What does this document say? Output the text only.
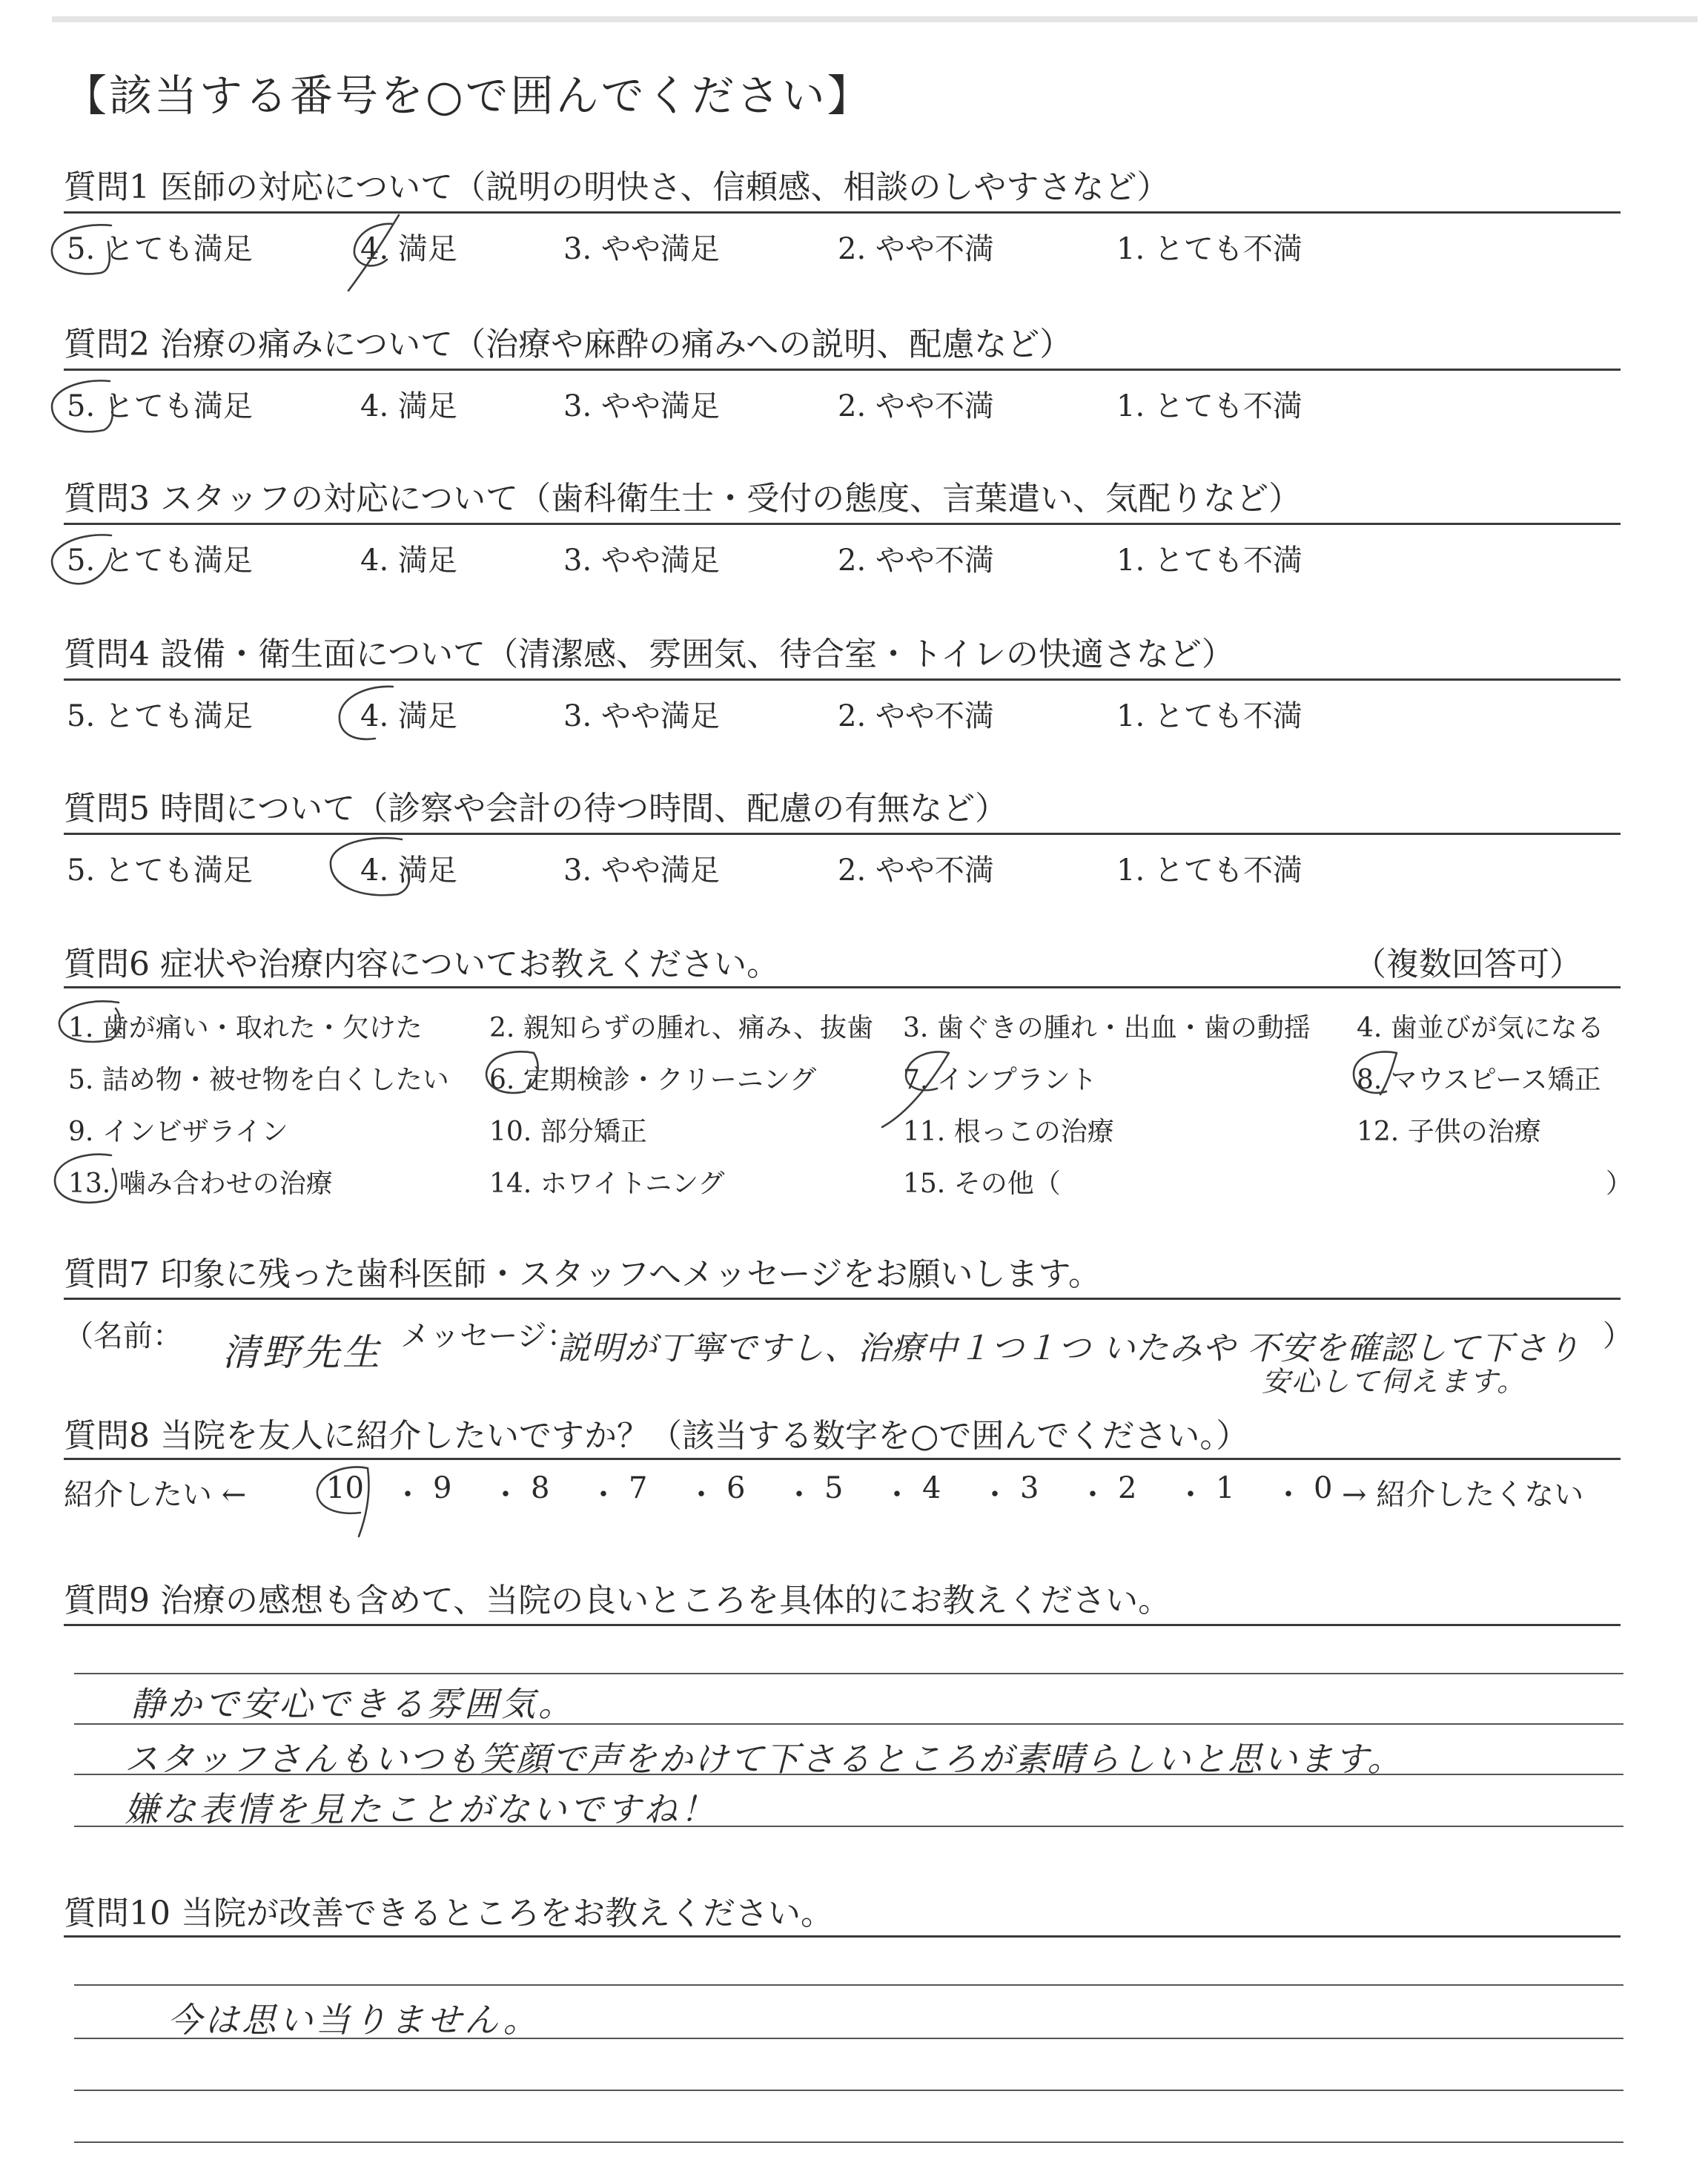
【該当する番号を○で囲んでください】
質問1 医師の対応について（説明の明快さ、信頼感、相談のしやすさなど）
5. とても満足	4. 満足	3. やや満足	2. やや不満	1. とても不満
質問2 治療の痛みについて（治療や麻酔の痛みへの説明、配慮など）
5. とても満足	4. 満足	3. やや満足	2. やや不満	1. とても不満
質問3 スタッフの対応について（歯科衛生士・受付の態度、言葉遣い、気配りなど）
5. とても満足	4. 満足	3. やや満足	2. やや不満	1. とても不満
質問4 設備・衛生面について（清潔感、雰囲気、待合室・トイレの快適さなど）
5. とても満足	4. 満足	3. やや満足	2. やや不満	1. とても不満
質問5 時間について（診察や会計の待つ時間、配慮の有無など）
5. とても満足	4. 満足	3. やや満足	2. やや不満	1. とても不満
質問6 症状や治療内容についてお教えください。	（複数回答可）
1. 歯が痛い・取れた・欠けた	2. 親知らずの腫れ、痛み、抜歯 3. 歯ぐきの腫れ・出血・歯の動揺 4. 歯並びが気になる
5. 詰め物・被せ物を白くしたい 6. 定期検診・クリーニング	7. インプラント	8. マウスピース矯正
9. インビザライン	10. 部分矯正	11. 根っこの治療	12. 子供の治療
13. 噛み合わせの治療	14. ホワイトニング	15. その他（	）
質問7 印象に残った歯科医師・スタッフへメッセージをお願いします。
（名前： 清野先生 メッセージ：
説明が丁寧ですし、治療中１つ１つ いたみや 不安を確認して下さり
安心して伺えます。
）
質問8 当院を友人に紹介したいですか？（該当する数字を○で囲んでください。）
紹介したい ←	10 ・ 9 ・ 8 ・ 7 ・ 6 ・ 5 ・ 4 ・ 3 ・ 2 ・ 1 ・ 0 → 紹介したくない
質問9 治療の感想も含めて、当院の良いところを具体的にお教えください。
静かで安心できる雰囲気。
スタッフさんもいつも笑顔で声をかけて下さるところが素晴らしいと思います。
嫌な表情を見たことがないですね！
質問10 当院が改善できるところをお教えください。
今は思い当りません。
